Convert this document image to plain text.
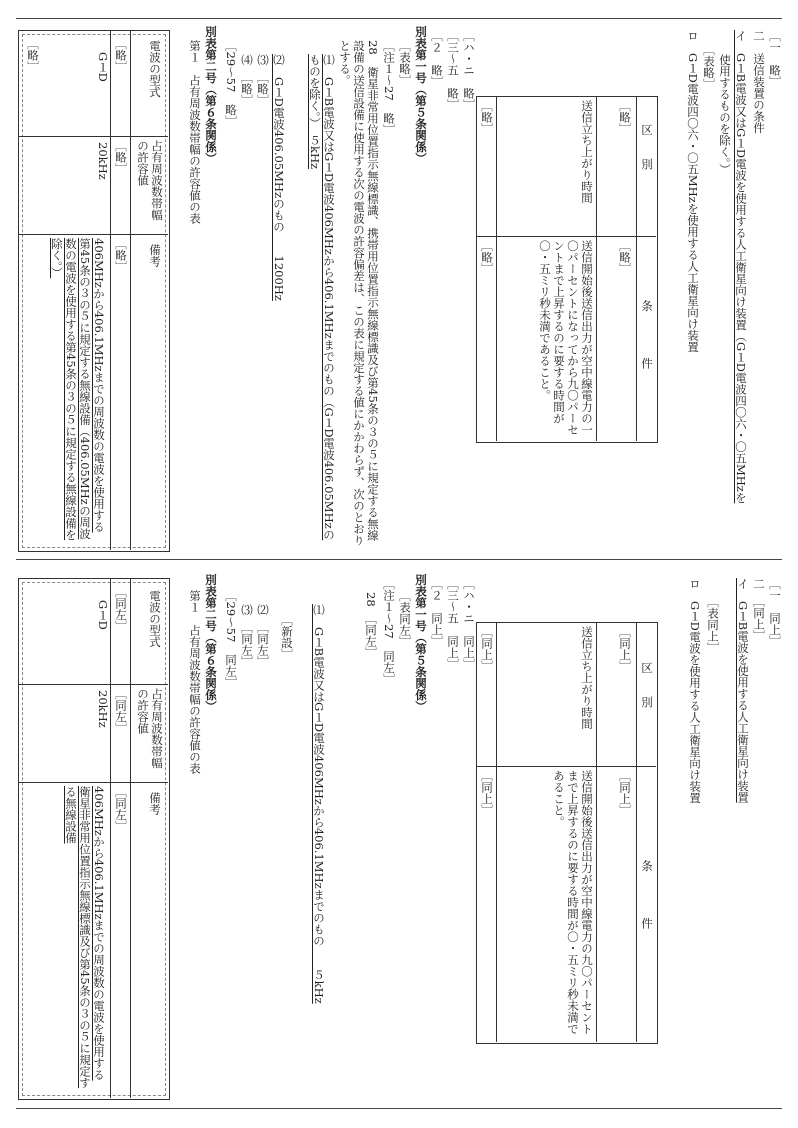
［一　略］
二　送信装置の条件
イ　G１B電波又はG１D電波を使用する人工衛星向け装置（G１D電波四〇六・〇五MHzを
使用するものを除く。）
［表略］
ロ　G１D電波四〇六・〇五MHzを使用する人工衛星向け装置
区　　別
条　　　　件
［略］
［略］
送信立ち上がり時間
送信開始後送信出力が空中線電力の一〇パーセントになってから九〇パーセントまで上昇するのに要する時間が〇・五ミリ秒未満であること。
［略］
［略］
［ハ・ニ　略］
［三～五　略］
［２　略］
別表第一号（第５条関係）
［表略］
［注１～27　略］
28　衛星非常用位置指示無線標識、携帯用位置指示無線標識及び第45条の３の５に規定する無線設備の送信設備に使用する次の電波の許容偏差は、この表に規定する値にかかわらず、次のとおりとする。
⑴　G１B電波又はG１D電波406MHzから406.1MHzまでのもの（G１D電波406.05MHzのものを除く。）　５kHz
⑵　G１D電波406.05MHzのもの　　1200Hz
⑶　［略］
⑷　［略］
［29～57　略］
別表第二号（第６条関係）
第１　占有周波数帯幅の許容値の表
電波の型式
占有周波数帯幅の許容値
備考
［略］
［略］
［略］
G１D
20kHz
406MHzから406.1MHzまでの周波数の電波を使用する第45条の３の５に規定する無線設備（406.05MHzの周波数の電波を使用する第45条の３の５に規定する無線設備を除く。）
［略］
［一　同上］
二　［同上］
イ　G１B電波を使用する人工衛星向け装置
［表同上］
ロ　G１D電波を使用する人工衛星向け装置
区　　別
条　　　　件
［同上］
［同上］
送信立ち上がり時間
送信開始後送信出力が空中線電力の九〇パーセントまで上昇するのに要する時間が〇・五ミリ秒未満であること。
［同上］
［同上］
［ハ・ニ　同上］
［三～五　同上］
［２　同上］
別表第一号（第５条関係）
［表同左］
［注１～27　同左］
28　［同左］
⑴　G１B電波又はG１D電波406MHzから406.1MHzまでのもの　　５kHz
［新設］
⑵　［同左］
⑶　［同左］
［29～57　同左］
別表第二号（第６条関係）
第１　占有周波数帯幅の許容値の表
電波の型式
占有周波数帯幅の許容値
備考
［同左］
［同左］
［同左］
G１D
20kHz
406MHzから406.1MHzまでの周波数の電波を使用する衛星非常用位置指示無線標識及び第45条の３の５に規定する無線設備
